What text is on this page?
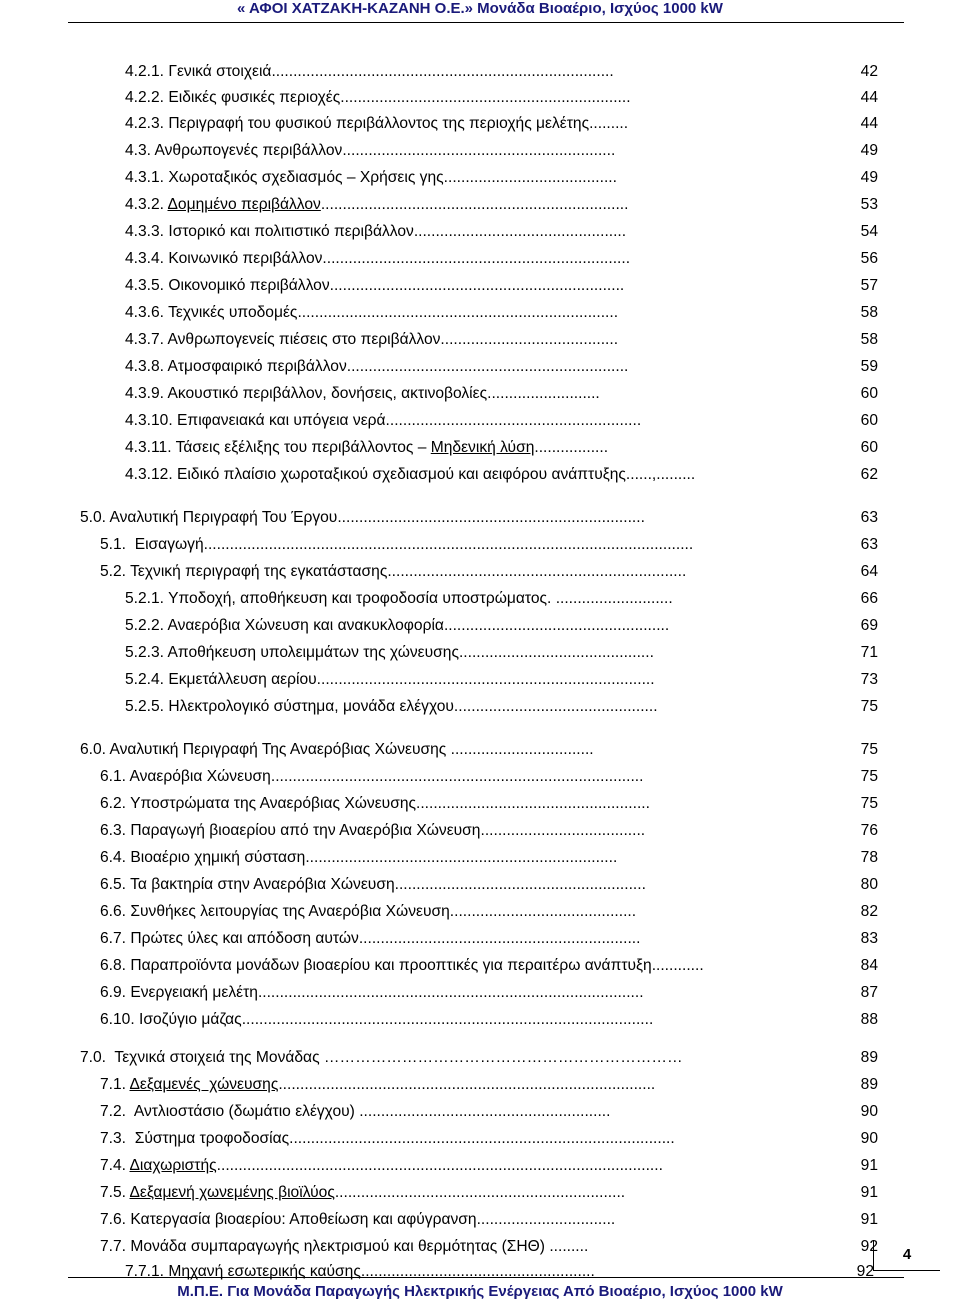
« ΑΦΟΙ ΧΑΤΖΑΚΗ-ΚΑΖΑΝΗ Ο.Ε.» Μονάδα Βιοαέριο, Ισχύος 1000 kW
4.2.1. Γενικά στοιχειά...............................................................................	42
4.2.2. Ειδικές φυσικές περιοχές...................................................................	44
4.2.3. Περιγραφή του φυσικού περιβάλλοντος της περιοχής μελέτης.........	44
4.3. Ανθρωπογενές περιβάλλον...............................................................	49
4.3.1. Χωροταξικός σχεδιασμός – Χρήσεις γης........................................	49
4.3.2. Δομημένο περιβάλλον.......................................................................	53
4.3.3. Ιστορικό και πολιτιστικό περιβάλλον.................................................	54
4.3.4. Κοινωνικό περιβάλλον.......................................................................	56
4.3.5. Οικονομικό περιβάλλον....................................................................	57
4.3.6. Τεχνικές υποδομές..........................................................................	58
4.3.7. Ανθρωπογενείς πιέσεις στο περιβάλλον.........................................	58
4.3.8. Ατμοσφαιρικό περιβάλλον.................................................................	59
4.3.9. Ακουστικό περιβάλλον, δονήσεις, ακτινοβολίες..........................	60
4.3.10. Επιφανειακά και υπόγεια νερά...........................................................	60
4.3.11. Τάσεις εξέλιξης του περιβάλλοντος – Μηδενική λύση.................	60
4.3.12. Ειδικό πλαίσιο χωροταξικού σχεδιασμού και αειφόρου ανάπτυξης......,.........	62
5.0. Αναλυτική Περιγραφή Του Έργου.......................................................................	63
5.1.  Εισαγωγή.................................................................................................................	63
5.2. Τεχνική περιγραφή της εγκατάστασης.....................................................................	64
5.2.1. Υποδοχή, αποθήκευση και τροφοδοσία υποστρώματος. ...........................	66
5.2.2. Αναερόβια Χώνευση και ανακυκλοφορία....................................................	69
5.2.3. Αποθήκευση υπολειμμάτων της χώνευσης.............................................	71
5.2.4. Εκμετάλλευση αερίου..............................................................................	73
5.2.5. Ηλεκτρολογικό σύστημα, μονάδα ελέγχου...............................................	75
6.0. Αναλυτική Περιγραφή Της Αναερόβιας Χώνευσης .................................	75
6.1. Αναερόβια Χώνευση......................................................................................	75
6.2. Υποστρώματα της Αναερόβιας Χώνευσης......................................................	75
6.3. Παραγωγή βιοαερίου από την Αναερόβια Χώνευση......................................	76
6.4. Βιοαέριο χημική σύσταση........................................................................	78
6.5. Τα βακτηρία στην Αναερόβια Χώνευση..........................................................	80
6.6. Συνθήκες λειτουργίας της Αναερόβια Χώνευση...........................................	82
6.7. Πρώτες ύλες και απόδοση αυτών.................................................................	83
6.8. Παραπροϊόντα μονάδων βιοαερίου και προοπτικές για περαιτέρω ανάπτυξη............	84
6.9. Ενεργειακή μελέτη.........................................................................................	87
6.10. Ισοζύγιο μάζας...............................................................................................	88
7.0.  Τεχνικά στοιχειά της Μονάδας ……………………………………………………………	89
7.1. Δεξαμενές  χώνευσης.......................................................................................	89
7.2.  Αντλιοστάσιο (δωμάτιο ελέγχου) ..........................................................	90
7.3.  Σύστημα τροφοδοσίας.........................................................................................	90
7.4. Διαχωριστής.......................................................................................................	91
7.5. Δεξαμενή χωνεμένης βιοϊλύος...................................................................	91
7.6. Κατεργασία βιοαερίου: Αποθείωση και αφύγρανση................................	91
7.7. Μονάδα συμπαραγωγής ηλεκτρισμού και θερμότητας (ΣΗΘ) .........	92
7.7.1. Μηχανή εσωτερικής καύσης......................................................	92
4
Μ.Π.Ε. Για Μονάδα Παραγωγής Ηλεκτρικής Ενέργειας Από Βιοαέριο, Ισχύος 1000 kW
